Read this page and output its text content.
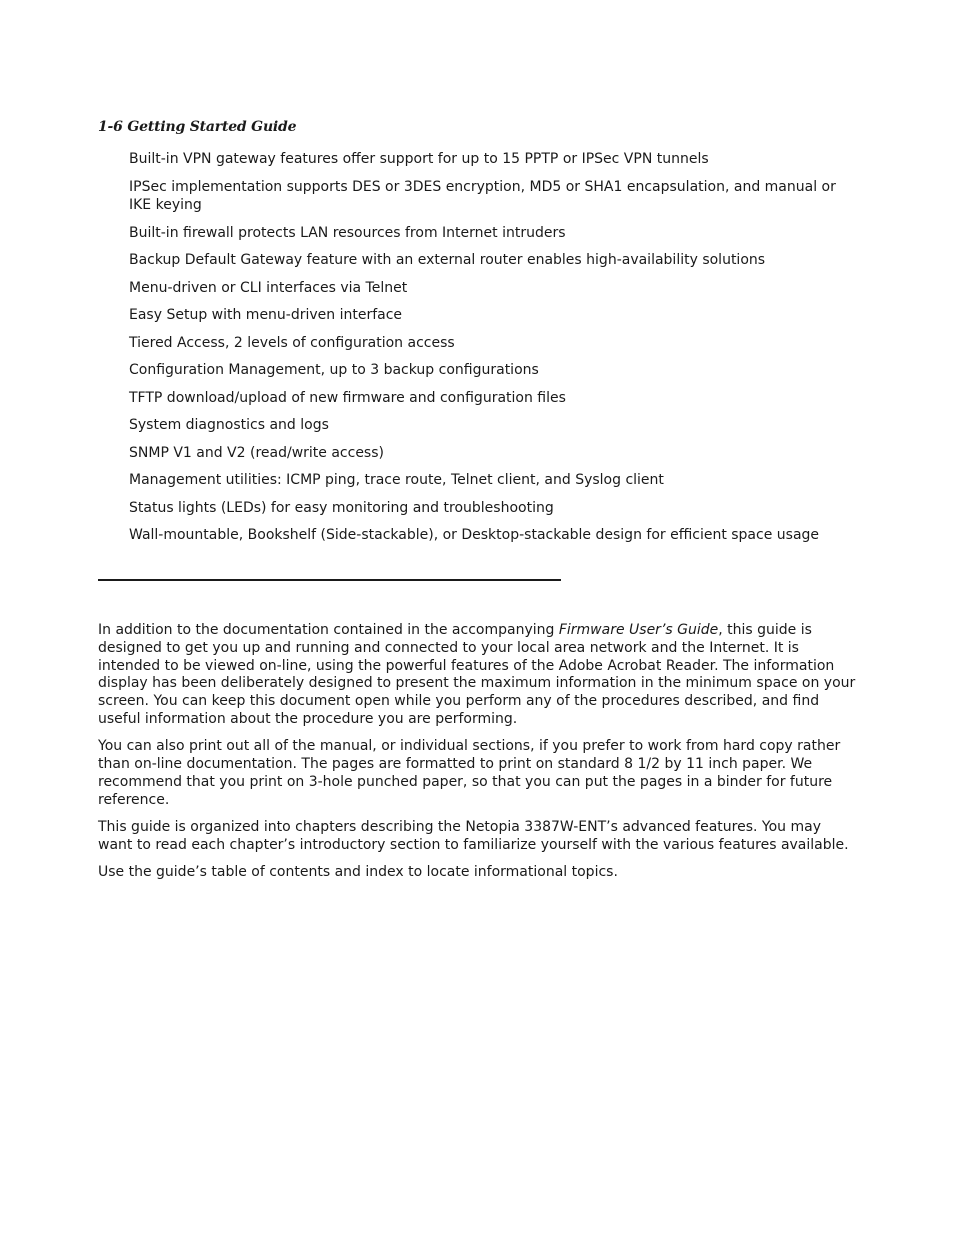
1-6 Getting Started Guide
Built-in VPN gateway features offer support for up to 15 PPTP or IPSec VPN tunnels
IPSec implementation supports DES or 3DES encryption, MD5 or SHA1 encapsulation, and manual or IKE keying
Built-in firewall protects LAN resources from Internet intruders
Backup Default Gateway feature with an external router enables high-availability solutions
Menu-driven or CLI interfaces via Telnet
Easy Setup with menu-driven interface
Tiered Access, 2 levels of configuration access
Configuration Management, up to 3 backup configurations
TFTP download/upload of new firmware and configuration files
System diagnostics and logs
SNMP V1 and V2 (read/write access)
Management utilities: ICMP ping, trace route, Telnet client, and Syslog client
Status lights (LEDs) for easy monitoring and troubleshooting
Wall-mountable, Bookshelf (Side-stackable), or Desktop-stackable design for efficient space usage

In addition to the documentation contained in the accompanying Firmware User’s Guide, this guide is designed to get you up and running and connected to your local area network and the Internet. It is intended to be viewed on-line, using the powerful features of the Adobe Acrobat Reader. The information display has been deliberately designed to present the maximum information in the minimum space on your screen. You can keep this document open while you perform any of the procedures described, and find useful information about the procedure you are performing.

You can also print out all of the manual, or individual sections, if you prefer to work from hard copy rather than on-line documentation. The pages are formatted to print on standard 8 1/2 by 11 inch paper. We recommend that you print on 3-hole punched paper, so that you can put the pages in a binder for future reference.

This guide is organized into chapters describing the Netopia 3387W-ENT’s advanced features. You may want to read each chapter’s introductory section to familiarize yourself with the various features available.

Use the guide’s table of contents and index to locate informational topics.
